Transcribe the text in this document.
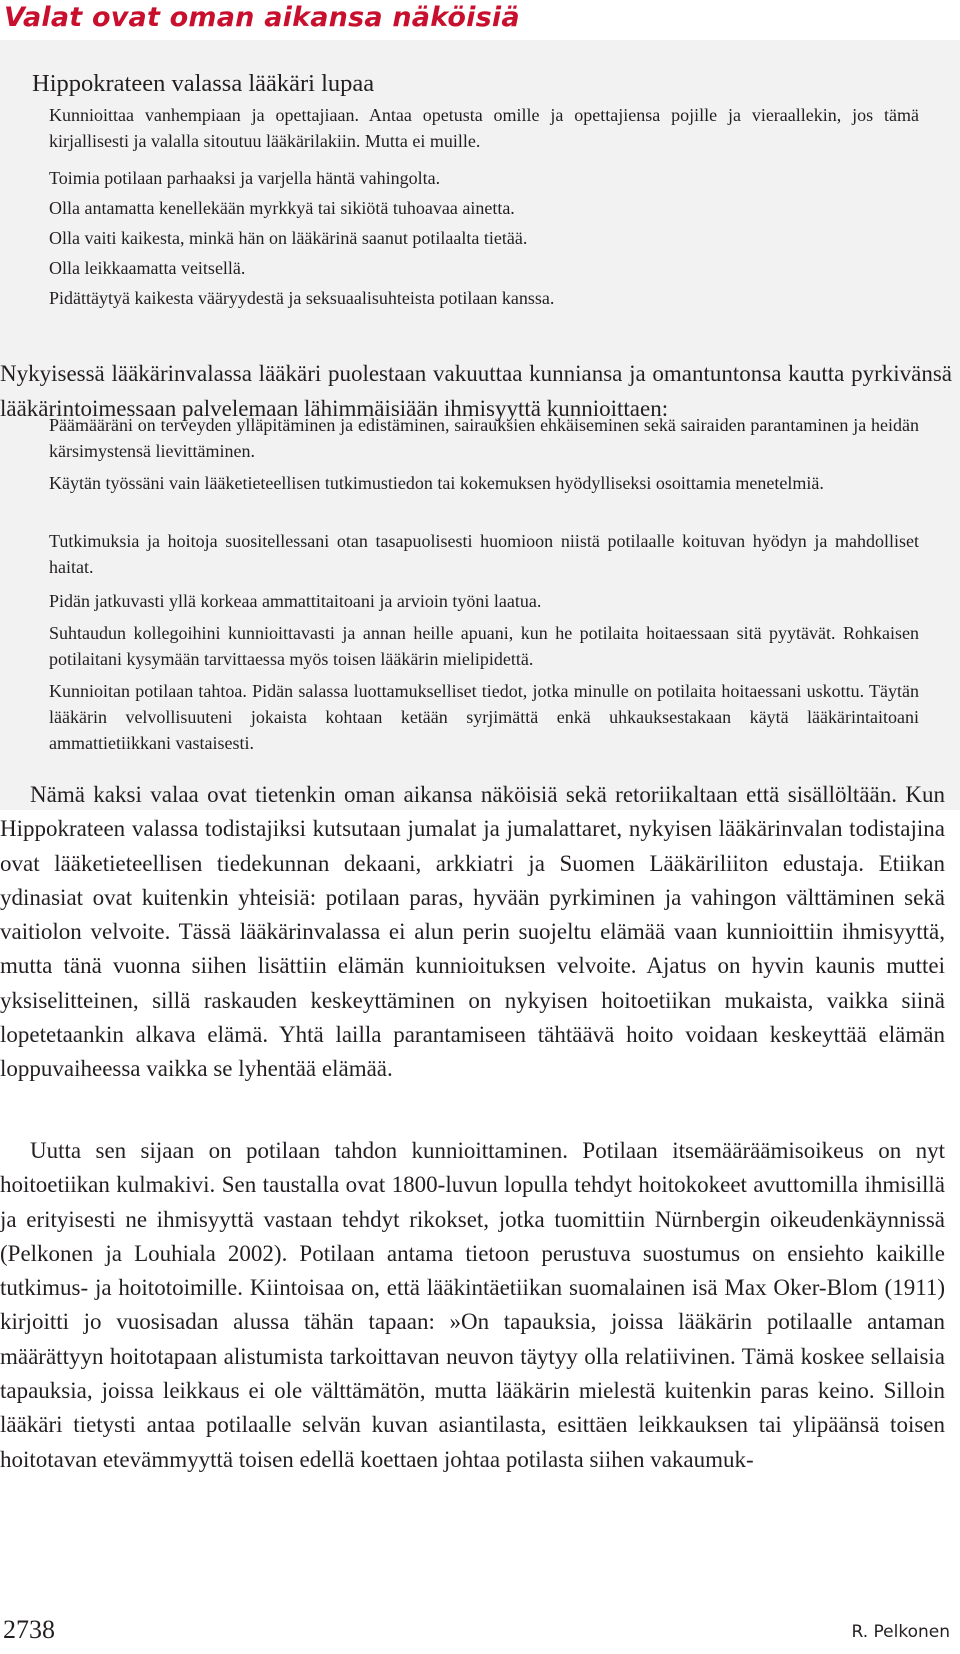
Valat ovat oman aikansa näköisiä
Hippokrateen valassa lääkäri lupaa
Kunnioittaa vanhempiaan ja opettajiaan. Antaa opetusta omille ja opettajiensa pojille ja vieraallekin, jos tämä kirjallisesti ja valalla sitoutuu lääkärilakiin. Mutta ei muille.
Toimia potilaan parhaaksi ja varjella häntä vahingolta.
Olla antamatta kenellekään myrkkyä tai sikiötä tuhoavaa ainetta.
Olla vaiti kaikesta, minkä hän on lääkärinä saanut potilaalta tietää.
Olla leikkaamatta veitsellä.
Pidättäytyä kaikesta vääryydestä ja seksuaalisuhteista potilaan kanssa.
Nykyisessä lääkärinvalassa lääkäri puolestaan vakuuttaa kunniansa ja omantuntonsa kautta pyrkivänsä lääkärintoimessaan palvelemaan lähimmäisiään ihmisyyttä kunnioittaen:
Päämääräni on terveyden ylläpitäminen ja edistäminen, sairauksien ehkäiseminen sekä sairaiden parantaminen ja heidän kärsimystensä lievittäminen.
Käytän työssäni vain lääketieteellisen tutkimustiedon tai kokemuksen hyödylliseksi osoittamia menetelmiä.
Tutkimuksia ja hoitoja suositellessani otan tasapuolisesti huomioon niistä potilaalle koituvan hyödyn ja mahdolliset haitat.
Pidän jatkuvasti yllä korkeaa ammattitaitoani ja arvioin työni laatua.
Suhtaudun kollegoihini kunnioittavasti ja annan heille apuani, kun he potilaita hoitaessaan sitä pyytävät. Rohkaisen potilaitani kysymään tarvittaessa myös toisen lääkärin mielipidettä.
Kunnioitan potilaan tahtoa. Pidän salassa luottamukselliset tiedot, jotka minulle on potilaita hoitaessani uskottu. Täytän lääkärin velvollisuuteni jokaista kohtaan ketään syrjimättä enkä uhkauksestakaan käytä lääkärintaitoani ammattietiikkani vastaisesti.
Nämä kaksi valaa ovat tietenkin oman aikansa näköisiä sekä retoriikaltaan että sisällöltään. Kun Hippokrateen valassa todistajiksi kutsutaan jumalat ja jumalattaret, nykyisen lääkärinvalan todistajina ovat lääketieteellisen tiedekunnan dekaani, arkkiatri ja Suomen Lääkäriliiton edustaja. Etiikan ydinasiat ovat kuitenkin yhteisiä: potilaan paras, hyvään pyrkiminen ja vahingon välttäminen sekä vaitiolon velvoite. Tässä lääkärinvalassa ei alun perin suojeltu elämää vaan kunnioittiin ihmisyyttä, mutta tänä vuonna siihen lisättiin elämän kunnioituksen velvoite. Ajatus on hyvin kaunis muttei yksiselitteinen, sillä raskauden keskeyttäminen on nykyisen hoitoetiikan mukaista, vaikka siinä lopetetaankin alkava elämä. Yhtä lailla parantamiseen tähtäävä hoito voidaan keskeyttää elämän loppuvaiheessa vaikka se lyhentää elämää.
Uutta sen sijaan on potilaan tahdon kunnioittaminen. Potilaan itsemääräämisoikeus on nyt hoitoetiikan kulmakivi. Sen taustalla ovat 1800-luvun lopulla tehdyt hoitokokeet avuttomilla ihmisillä ja erityisesti ne ihmisyyttä vastaan tehdyt rikokset, jotka tuomittiin Nürnbergin oikeudenkäynnissä (Pelkonen ja Louhiala 2002). Potilaan antama tietoon perustuva suostumus on ensiehto kaikille tutkimus- ja hoitotoimille. Kiintoisaa on, että lääkintäetiikan suomalainen isä Max Oker-Blom (1911) kirjoitti jo vuosisadan alussa tähän tapaan: »On tapauksia, joissa lääkärin potilaalle antaman määrättyyn hoitotapaan alistumista tarkoittavan neuvon täytyy olla relatiivinen. Tämä koskee sellaisia tapauksia, joissa leikkaus ei ole välttämätön, mutta lääkärin mielestä kuitenkin paras keino. Silloin lääkäri tietysti antaa potilaalle selvän kuvan asiantilasta, esittäen leikkauksen tai ylipäänsä toisen hoitotavan etevämmyyttä toisen edellä koettaen johtaa potilasta siihen vakaumuk-
2738	R. Pelkonen
